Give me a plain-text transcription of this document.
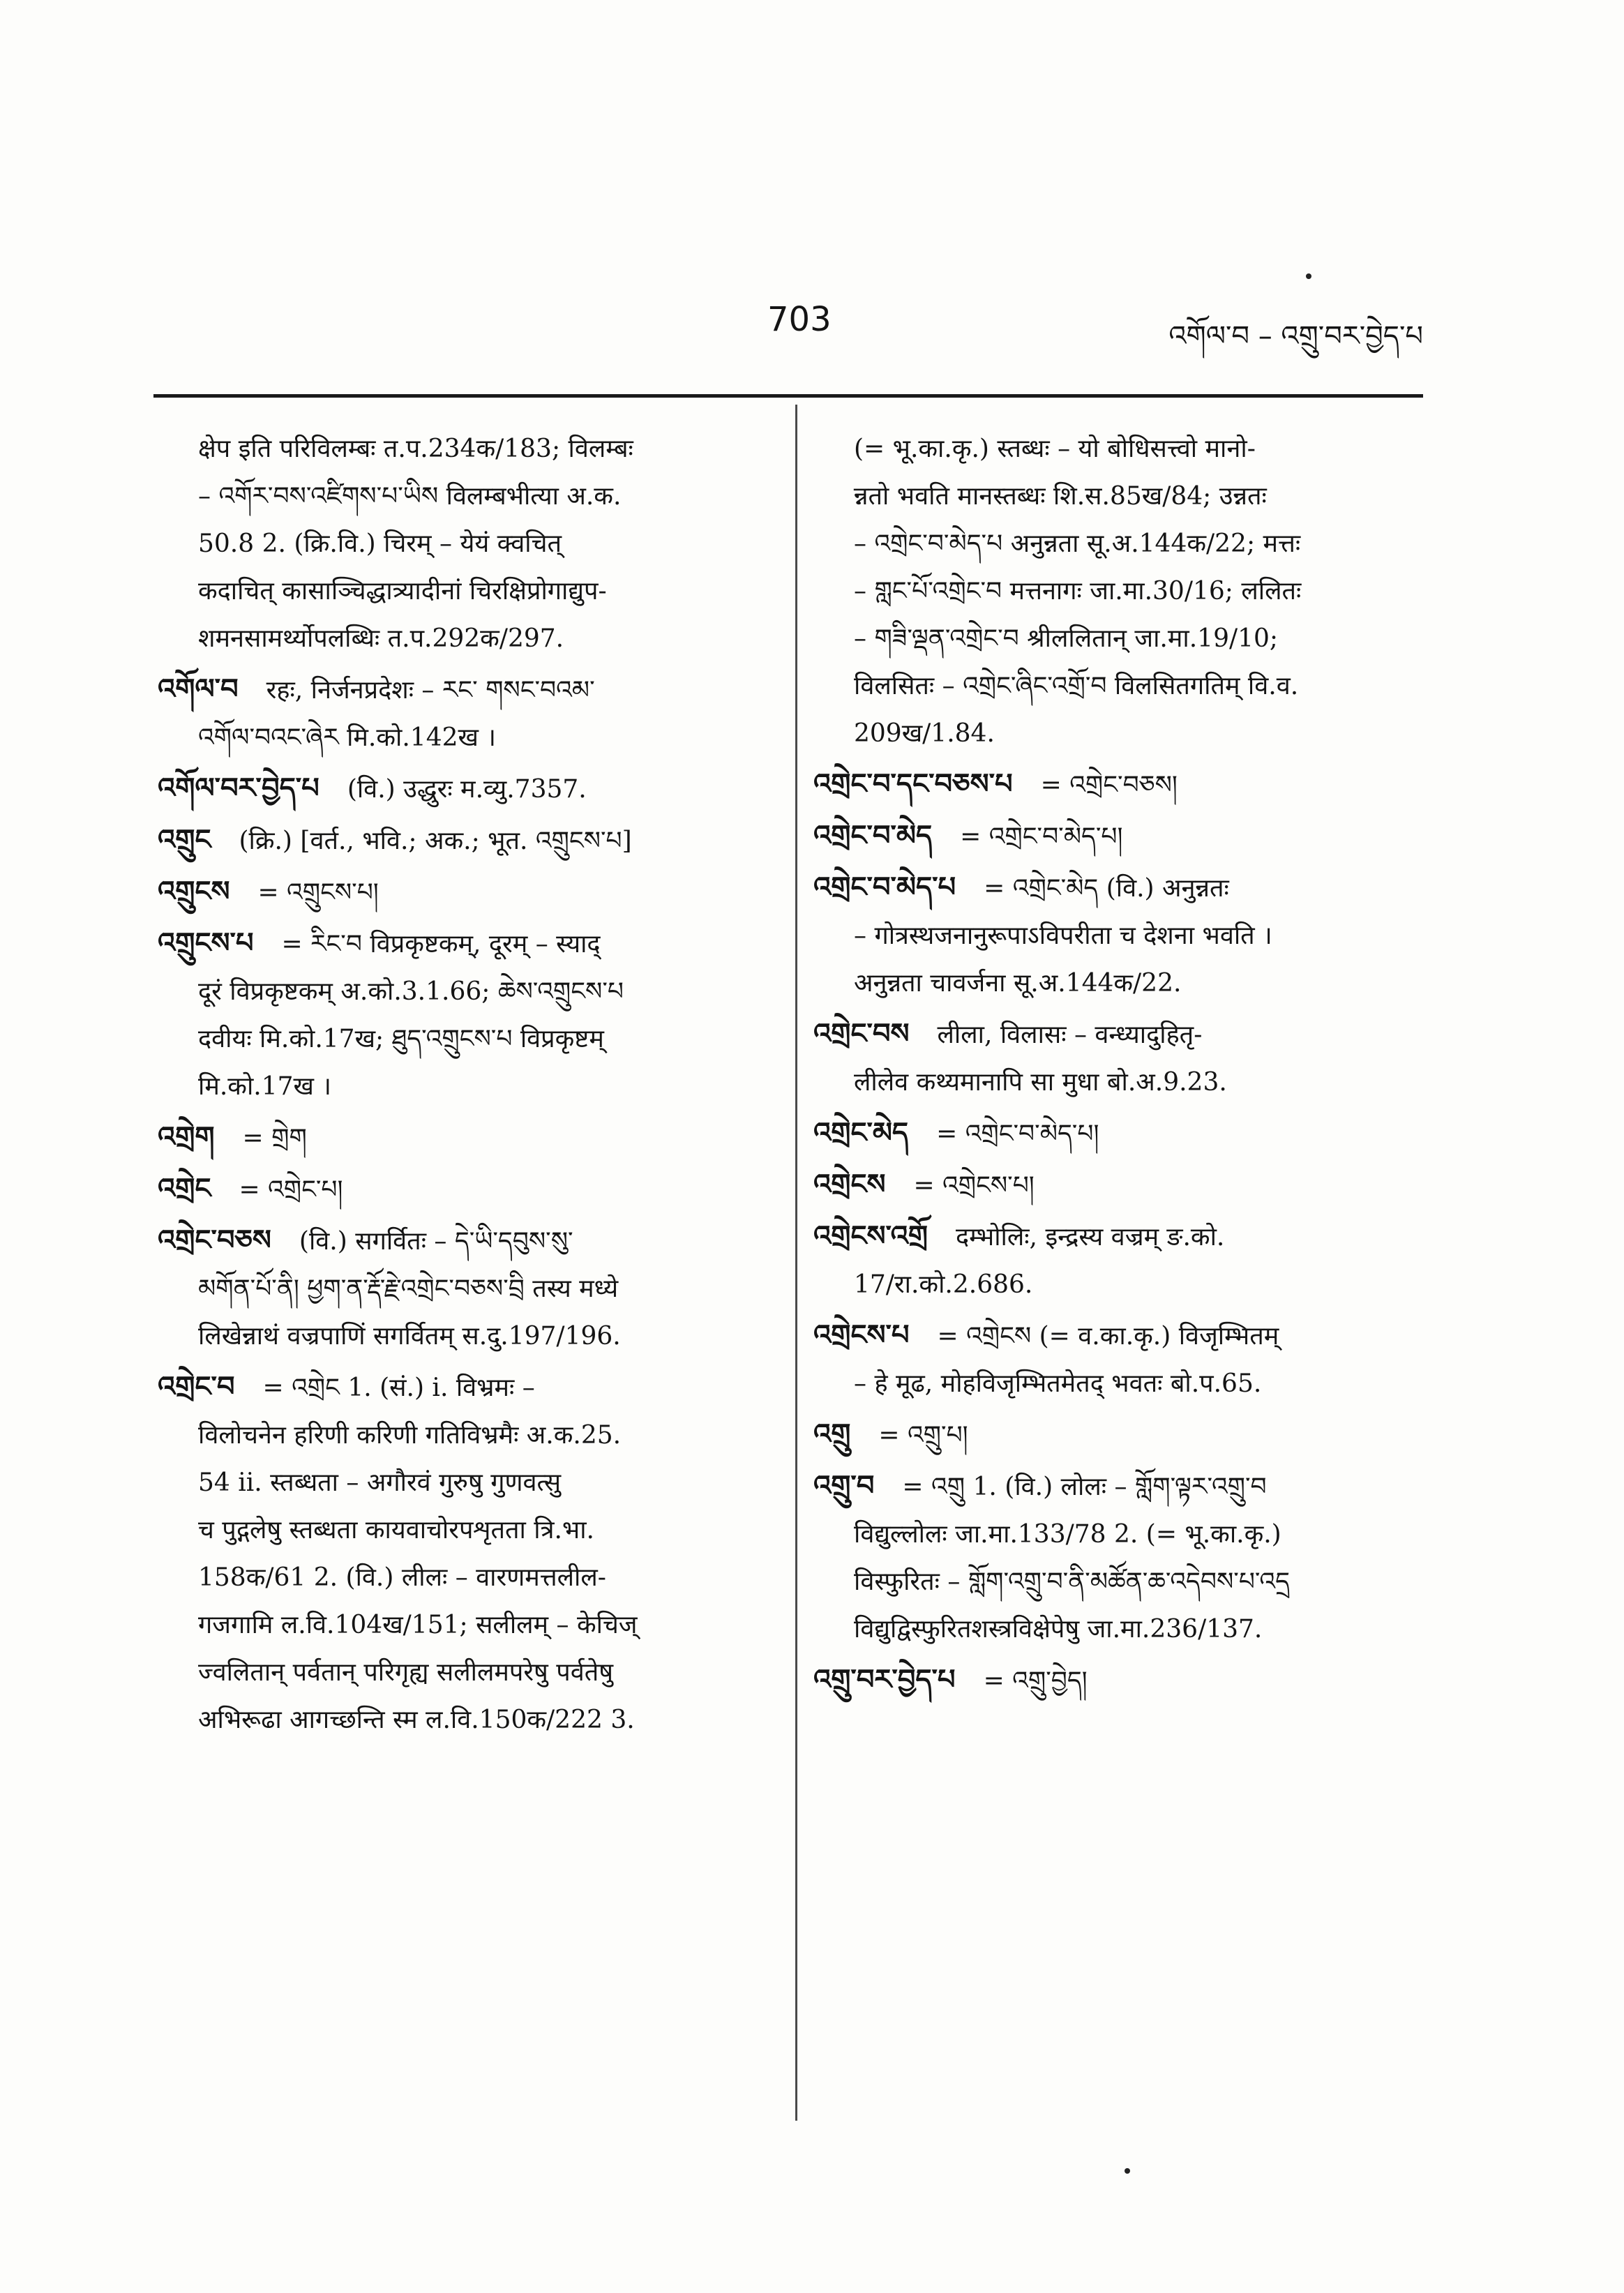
703	འགོལ་བ – འགྲུ་བར་བྱེད་པ
क्षेप इति परिविलम्बः त.प.234क/183; विलम्बः
– འགོར་བས་འཛིགས་པ་ཡིས विलम्बभीत्या अ.क.
50.8 2. (क्रि.वि.) चिरम् – येयं क्वचित्
कदाचित् कासाञ्चिद्धात्र्यादीनां चिरक्षिप्रोगाद्युप-
शमनसामर्थ्योपलब्धिः त.प.292क/297.
འགོལ་བ रहः, निर्जनप्रदेशः – རང་ གསང་བའམ་
འགོལ་བའང་ཞེར मि.को.142ख ।
འགོལ་བར་བྱེད་པ (वि.) उद्धुरः म.व्यु.7357.
འགྲུང (क्रि.) [वर्त., भवि.; अक.; भूत. འགྲུངས་པ]
འགྲུངས = འགྲུངས་པ།
འགྲུངས་པ = རིང་བ विप्रकृष्टकम्, दूरम् – स्याद्
दूरं विप्रकृष्टकम् अ.को.3.1.66; ཆེས་འགྲུངས་པ
दवीयः मि.को.17ख; ཐུད་འགྲུངས་པ विप्रकृष्टम्
मि.को.17ख ।
འགྲེག = གྲེག
འགྲེང = འགྲེང་པ།
འགྲེང་བཅས (वि.) सगर्वितः – དེ་ཡི་དབུས་སུ་
མགོན་པོ་ནི། ཕྱག་ན་རྡོ་རྗེ་འགྲེང་བཅས་བྲི तस्य मध्ये
लिखेन्नाथं वज्रपाणिं सगर्वितम् स.दु.197/196.
འགྲེང་བ = འགྲེང 1. (सं.) i. विभ्रमः –
विलोचनेन हरिणी करिणी गतिविभ्रमैः अ.क.25.
54 ii. स्तब्धता – अगौरवं गुरुषु गुणवत्सु
च पुद्गलेषु स्तब्धता कायवाचोरपशृतता त्रि.भा.
158क/61 2. (वि.) लीलः – वारणमत्तलील-
गजगामि ल.वि.104ख/151; सलीलम् – केचिज्
ज्वलितान् पर्वतान् परिगृह्य सलीलमपरेषु पर्वतेषु
अभिरूढा आगच्छन्ति स्म ल.वि.150क/222 3.
(= भू.का.कृ.) स्तब्धः – यो बोधिसत्त्वो मानो-
न्नतो भवति मानस्तब्धः शि.स.85ख/84; उन्नतः
– འགྲེང་བ་མེད་པ अनुन्नता सू.अ.144क/22; मत्तः
– གླང་པོ་འགྲེང་བ मत्तनागः जा.मा.30/16; ललितः
– གཟི་ལྡན་འགྲེང་བ श्रीललितान् जा.मा.19/10;
विलसितः – འགྲེང་ཞིང་འགྲོ་བ विलसितगतिम् वि.व.
209ख/1.84.
འགྲེང་བ་དང་བཅས་པ = འགྲེང་བཅས།
འགྲེང་བ་མེད = འགྲེང་བ་མེད་པ།
འགྲེང་བ་མེད་པ = འགྲེང་མེད (वि.) अनुन्नतः
– गोत्रस्थजनानुरूपाऽविपरीता च देशना भवति ।
अनुन्नता चावर्जना सू.अ.144क/22.
འགྲེང་བས लीला, विलासः – वन्ध्यादुहितृ-
लीलेव कथ्यमानापि सा मुधा बो.अ.9.23.
འགྲེང་མེད = འགྲེང་བ་མེད་པ།
འགྲེངས = འགྲེངས་པ།
འགྲེངས་འགྲོ दम्भोलिः, इन्द्रस्य वज्रम् ङ.को.
17/रा.को.2.686.
འགྲེངས་པ = འགྲེངས (= व.का.कृ.) विजृम्भितम्
– हे मूढ, मोहविजृम्भितमेतद् भवतः बो.प.65.
འགྲུ = འགྲུ་པ།
འགྲུ་བ = འགྲུ 1. (वि.) लोलः – གློག་ལྟར་འགྲུ་བ
विद्युल्लोलः जा.मा.133/78 2. (= भू.का.कृ.)
विस्फुरितः – གློག་འགྲུ་བ་ནི་མཚོན་ཆ་འདེབས་པ་འདྲ
विद्युद्विस्फुरितशस्त्रविक्षेपेषु जा.मा.236/137.
འགྲུ་བར་བྱེད་པ = འགྲུ་བྱེད།
